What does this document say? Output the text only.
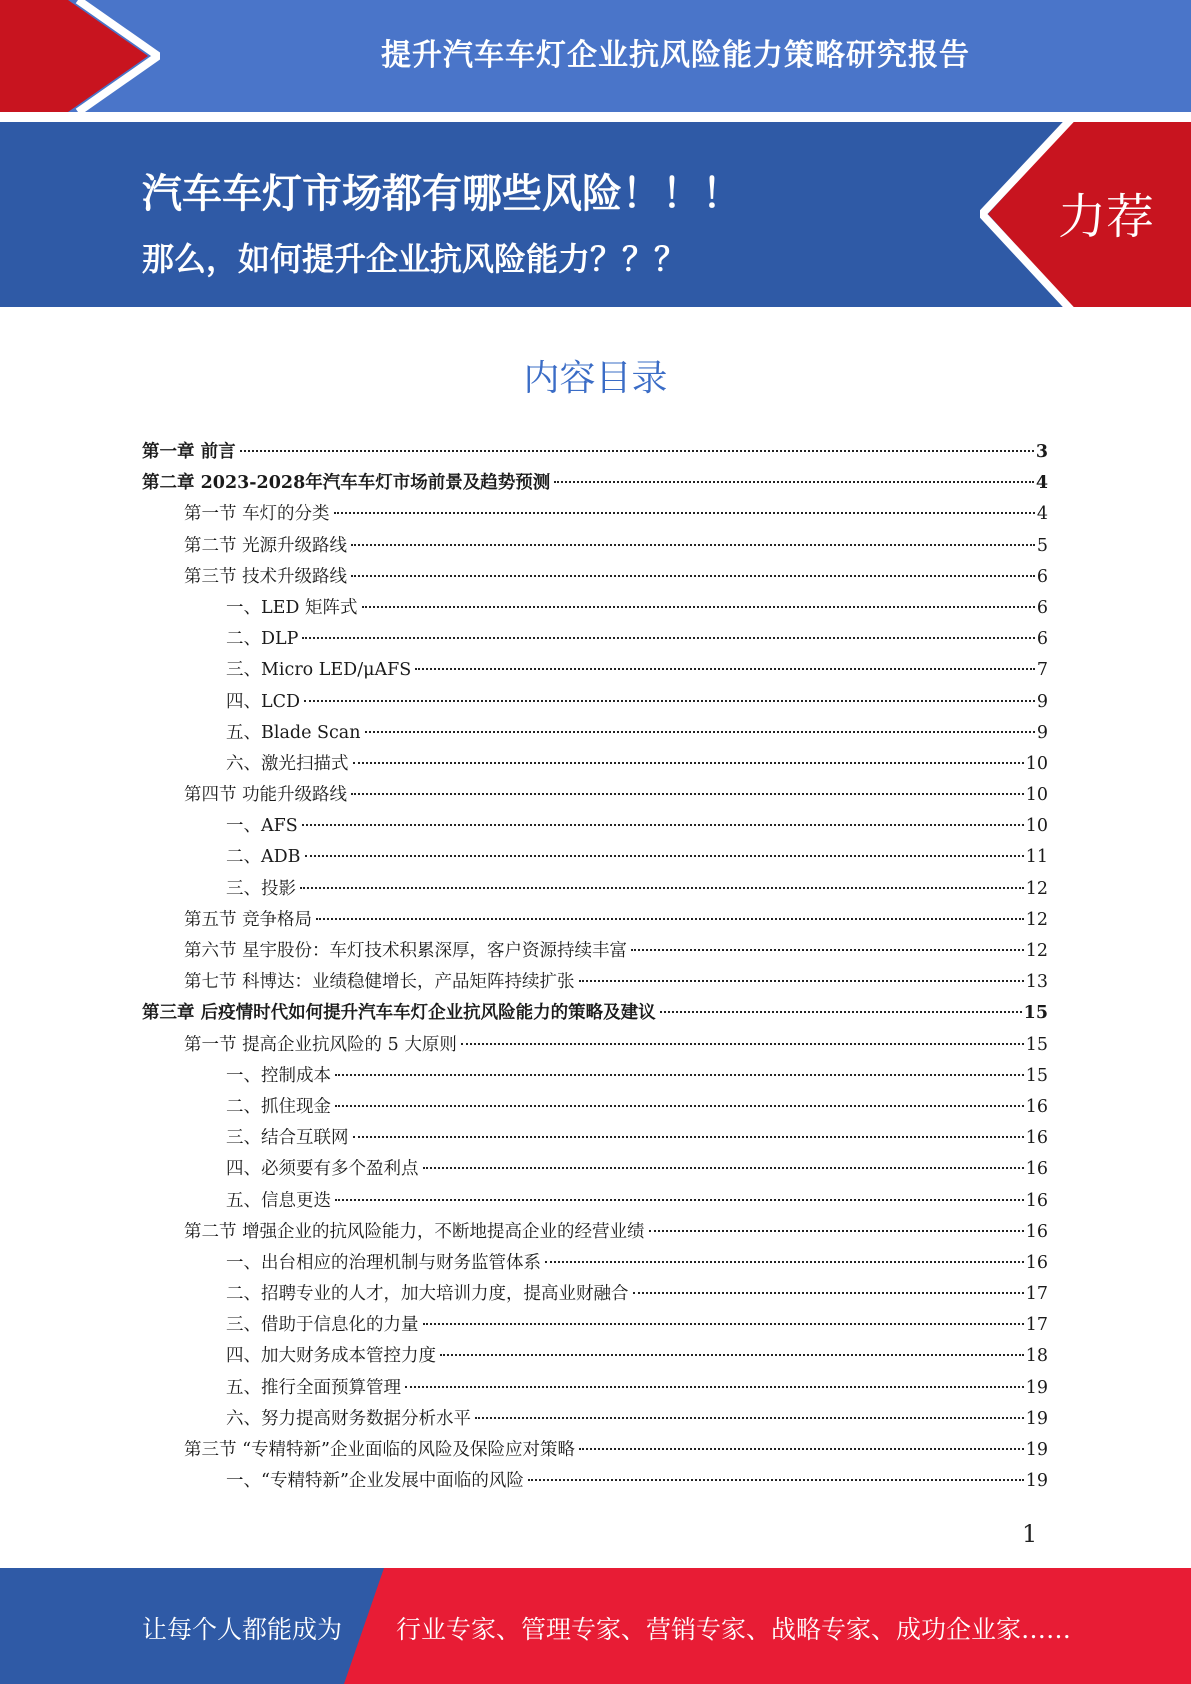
提升汽车车灯企业抗风险能力策略研究报告
汽车车灯市场都有哪些风险！！！
那么，如何提升企业抗风险能力？？？
力荐
内容目录
第一章 前言	3
第二章 2023-2028年汽车车灯市场前景及趋势预测	4
第一节 车灯的分类	4
第二节 光源升级路线	5
第三节 技术升级路线	6
一、LED 矩阵式	6
二、DLP	6
三、Micro LED/μAFS	7
四、LCD	9
五、Blade Scan	9
六、激光扫描式	10
第四节 功能升级路线	10
一、AFS	10
二、ADB	11
三、投影	12
第五节 竞争格局	12
第六节 星宇股份：车灯技术积累深厚，客户资源持续丰富	12
第七节 科博达：业绩稳健增长，产品矩阵持续扩张	13
第三章 后疫情时代如何提升汽车车灯企业抗风险能力的策略及建议	15
第一节 提高企业抗风险的 5 大原则	15
一、控制成本	15
二、抓住现金	16
三、结合互联网	16
四、必须要有多个盈利点	16
五、信息更迭	16
第二节 增强企业的抗风险能力，不断地提高企业的经营业绩	16
一、出台相应的治理机制与财务监管体系	16
二、招聘专业的人才，加大培训力度，提高业财融合	17
三、借助于信息化的力量	17
四、加大财务成本管控力度	18
五、推行全面预算管理	19
六、努力提高财务数据分析水平	19
第三节 “专精特新”企业面临的风险及保险应对策略	19
一、“专精特新”企业发展中面临的风险	19
1
让每个人都能成为 行业专家、管理专家、营销专家、战略专家、成功企业家……
